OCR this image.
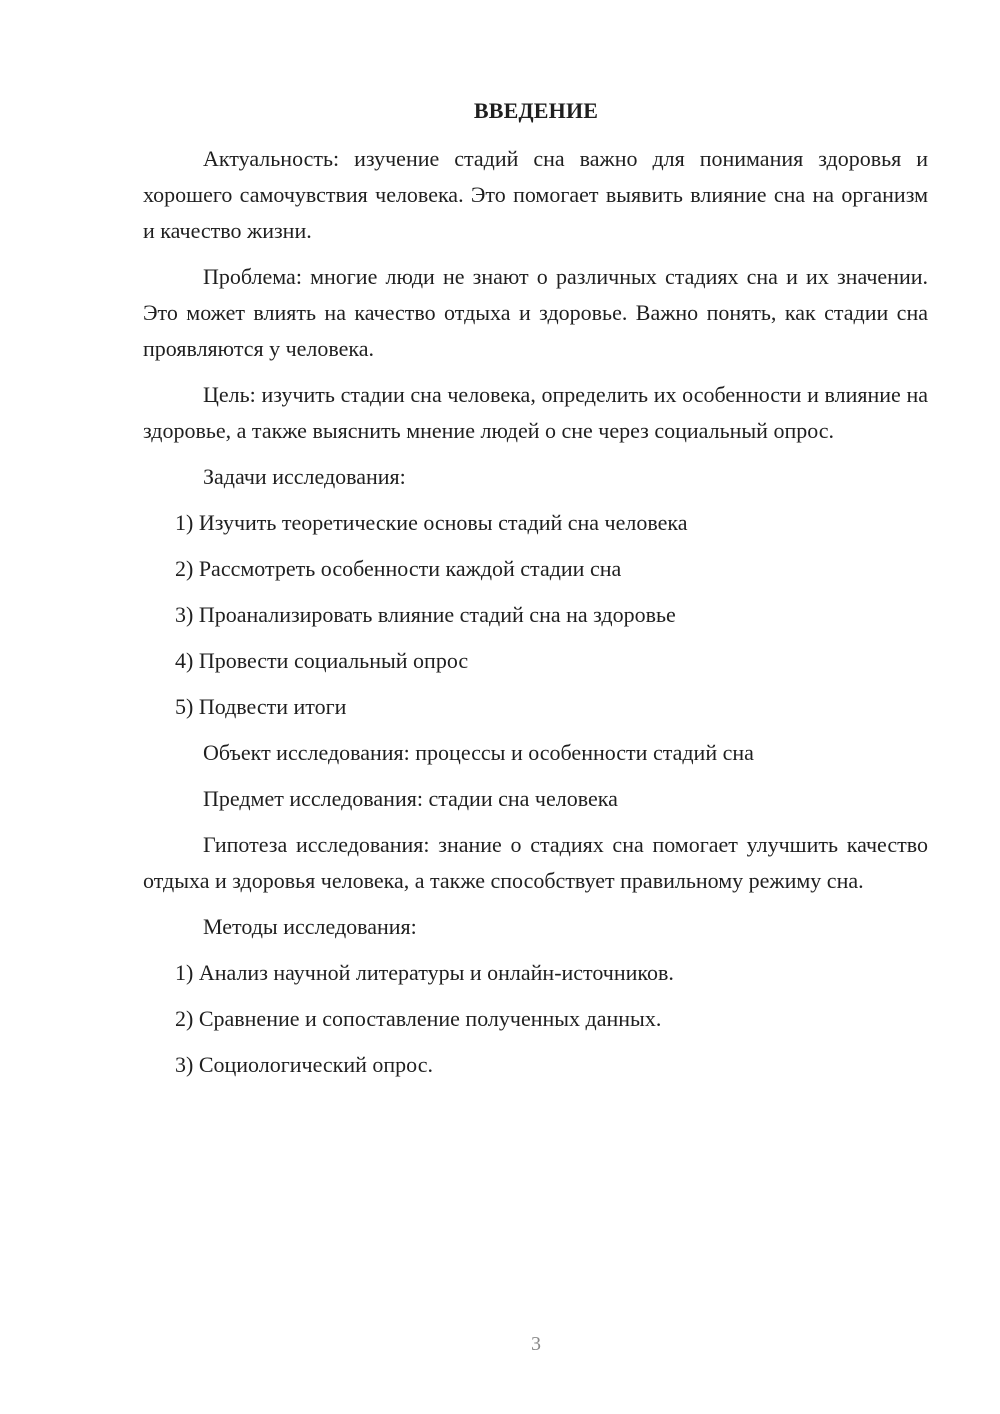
ВВЕДЕНИЕ

Актуальность: изучение стадий сна важно для понимания здоровья и хорошего самочувствия человека. Это помогает выявить влияние сна на организм и качество жизни.

Проблема: многие люди не знают о различных стадиях сна и их значении. Это может влиять на качество отдыха и здоровье. Важно понять, как стадии сна проявляются у человека.

Цель: изучить стадии сна человека, определить их особенности и влияние на здоровье, а также выяснить мнение людей о сне через социальный опрос.

Задачи исследования:

1) Изучить теоретические основы стадий сна человека

2) Рассмотреть особенности каждой стадии сна

3) Проанализировать влияние стадий сна на здоровье

4) Провести социальный опрос

5) Подвести итоги

Объект исследования: процессы и особенности стадий сна

Предмет исследования: стадии сна человека

Гипотеза исследования: знание о стадиях сна помогает улучшить качество отдыха и здоровья человека, а также способствует правильному режиму сна.

Методы исследования:

1) Анализ научной литературы и онлайн-источников.

2) Сравнение и сопоставление полученных данных.

3) Социологический опрос.

3
